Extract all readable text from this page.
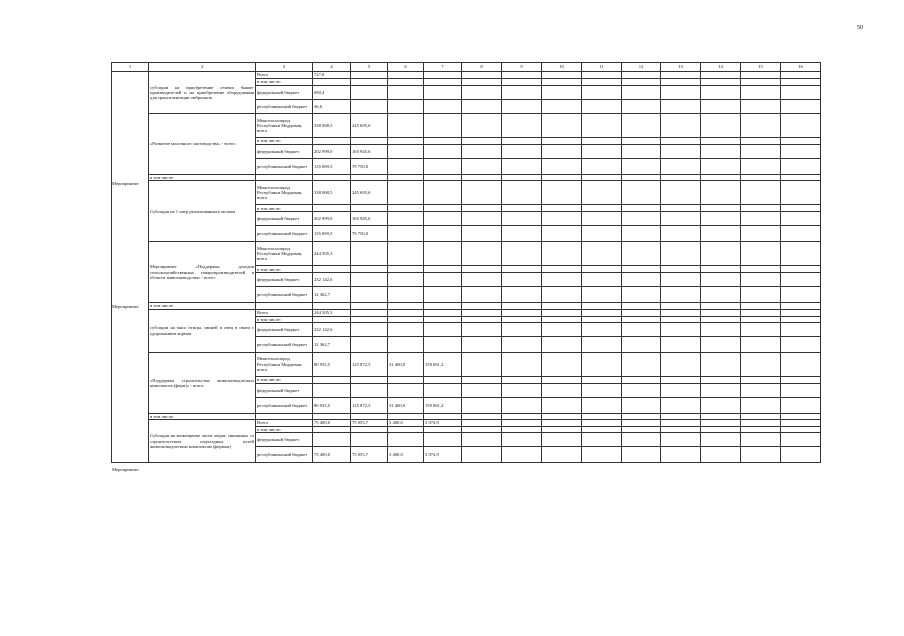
50
1	2	3	4	5	6	7	8	9	10	11	12	13	14	15	16
	субсидии на приобретение семени быков-производителей и на приобретение оборудования для трансплантации эмбрионов	Всего	727,0												
		в том числе:													
		федеральный бюджет	690,4												
		республиканский бюджет	36,6												
	«Развитие молочного скотоводства» - всего:	Минсельхозпрод Республики Мордовия, всего	338 068,5	245 695,6											
		в том числе:													
		федеральный бюджет	202 999,0	165 945,6											
		республиканский бюджет	135 069,5	79 750,0											
	в том числе:														
	Субсидия на 1 литр реализованного молока	Минсельхозпрод Республики Мордовия, всего	338 068,5	245 695,6											
		в том числе:													
		федеральный бюджет	202 999,0	165 945,6											
		республиканский бюджет	135 069,5	79 750,0											
	Мероприятие «Поддержка доходов сельскохозяйственных товаропроизводителей в области животноводства» - всего:	Минсельхозпрод Республики Мордовия, всего	244 505,3												
		в том числе:													
		федеральный бюджет	232 142,6												
		республиканский бюджет	12 362,7												
	в том числе:														
	субсидии на мясо птицы, свиней и овец в связи с удорожанием кормов	Всего	244 505,3												
		в том числе:													
		федеральный бюджет	232 142,6												
		республиканский бюджет	12 362,7												
	«Поддержка строительства животноводческих комплексов (ферм)» - всего:	Минсельхозпрод Республики Мордовия, всего	80 935,5	125 872,5	31 400,0	159 061,2									
		в том числе:													
		федеральный бюджет													
		республиканский бюджет	80 935,5	125 872,5	31 400,0	159 061,2									
	в том числе:														
	Субсидии на возмещение части затрат, связанных со строительством подъездных путей животноводческим комплексам (фермам)	Всего	75 400,0	75 055,7	3 400,0	3 074,9									
		в том числе:													
		федеральный бюджет													
		республиканский бюджет	75 400,0	75 055,7	3 400,0	3 074,9									
Мероприятие
Мероприятие
Мероприятие
